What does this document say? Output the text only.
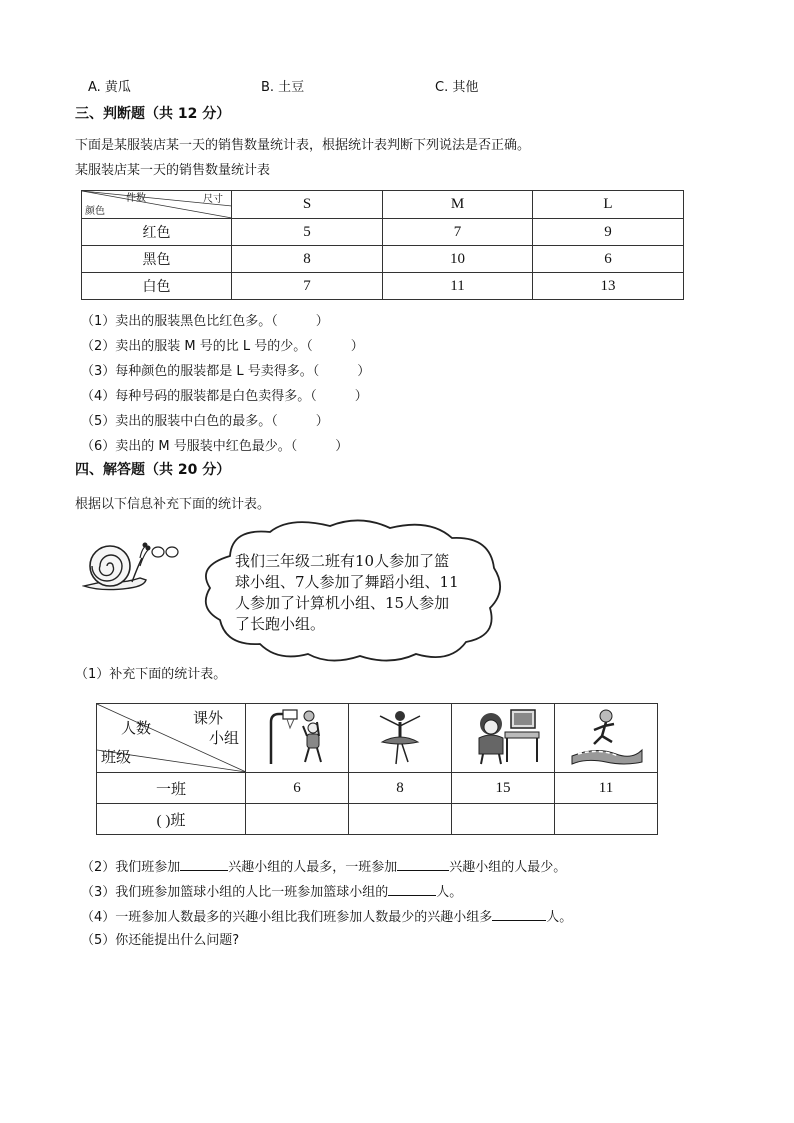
A. 黄瓜	B. 土豆	C. 其他
三、判断题（共 12 分）
下面是某服装店某一天的销售数量统计表，根据统计表判断下列说法是否正确。
某服装店某一天的销售数量统计表
件数 尺寸
颜色	S	M	L
红色	5	7	9
黑色	8	10	6
白色	7	11	13
（1）卖出的服装黑色比红色多。（	）
（2）卖出的服装 M 号的比 L 号的少。（	）
（3）每种颜色的服装都是 L 号卖得多。（	）
（4）每种号码的服装都是白色卖得多。（	）
（5）卖出的服装中白色的最多。（	）
（6）卖出的 M 号服装中红色最少。（	）
四、解答题（共 20 分）
根据以下信息补充下面的统计表。
我们三年级二班有10人参加了篮
球小组、7人参加了舞蹈小组、11
人参加了计算机小组、15人参加
了长跑小组。
（1）补充下面的统计表。
课外
小组
人数
班级

一班	6	8	15	11
( )班				
（2）我们班参加	兴趣小组的人最多，一班参加	兴趣小组的人最少。
（3）我们班参加篮球小组的人比一班参加篮球小组的	人。
（4）一班参加人数最多的兴趣小组比我们班参加人数最少的兴趣小组多	人。
（5）你还能提出什么问题?
